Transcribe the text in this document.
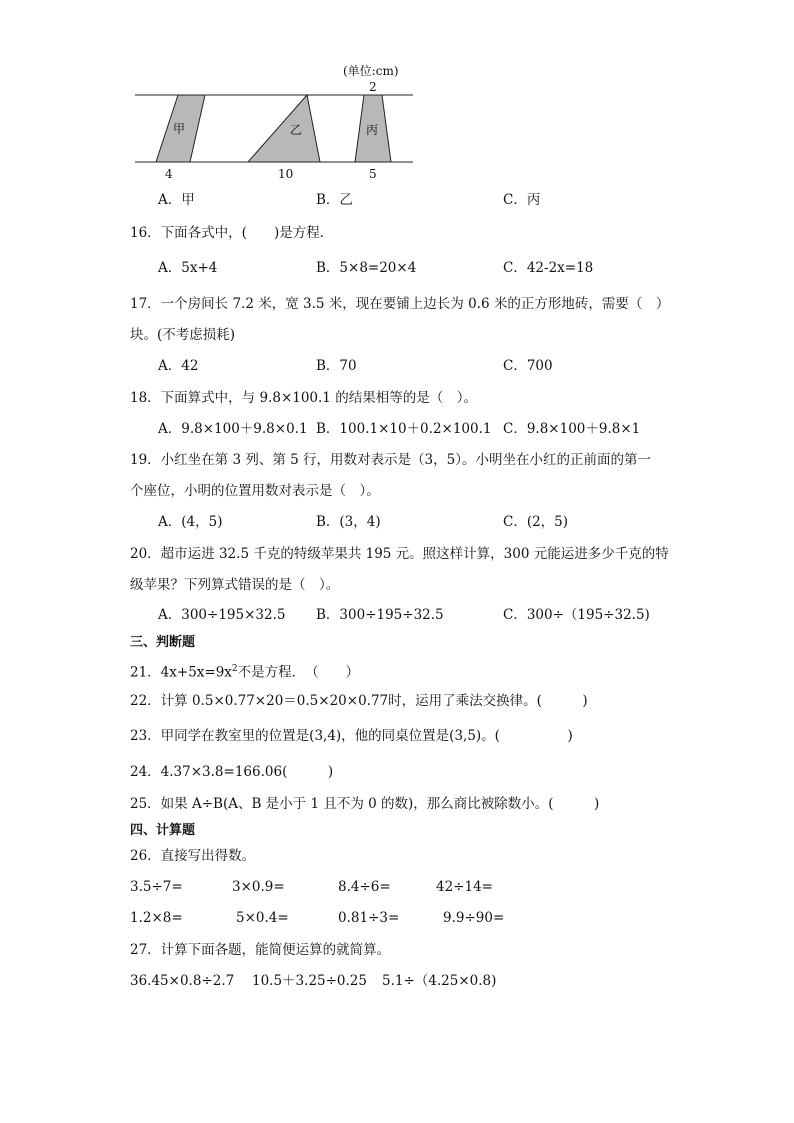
(单位:cm)
2
甲	乙	丙
4	10	5
A．甲	B．乙	C．丙
16．下面各式中，(　　)是方程．
A．5x+4	B．5×8=20×4	C．42-2x=18
17．一个房间长 7.2 米，宽 3.5 米，现在要铺上边长为 0.6 米的正方形地砖，需要（　）
块。(不考虑损耗)
A．42	B．70	C．700
18．下面算式中，与 9.8×100.1 的结果相等的是（　）。
A．9.8×100＋9.8×0.1 B．100.1×10＋0.2×100.1 C．9.8×100＋9.8×1
19．小红坐在第 3 列、第 5 行，用数对表示是（3，5）。小明坐在小红的正前面的第一
个座位，小明的位置用数对表示是（　）。
A．(4，5)	B．(3，4)	C．(2，5)
20．超市运进 32.5 千克的特级苹果共 195 元。照这样计算，300 元能运进多少千克的特
级苹果？下列算式错误的是（　）。
A．300÷195×32.5 B．300÷195÷32.5	C．300÷（195÷32.5)
三、判断题
21．$4x+5x=9x^2$不是方程．　（　　）
22．计算 0.5×0.77×20＝0.5×20×0.77时，运用了乘法交换律。(　　　)
23．甲同学在教室里的位置是(3,4)，他的同桌位置是(3,5)。(　　　　　)
24．4.37×3.8=166.06(　　　)
25．如果 A÷B(A、B 是小于 1 且不为 0 的数)，那么商比被除数小。(　　　)
四、计算题
26．直接写出得数。
3.5÷7=	3×0.9=	8.4÷6=	42÷14=
1.2×8=	5×0.4=	0.81÷3=	9.9÷90=
27．计算下面各题，能简便运算的就简算。
36.45×0.8÷2.7 10.5＋3.25÷0.25 5.1÷（4.25×0.8)
